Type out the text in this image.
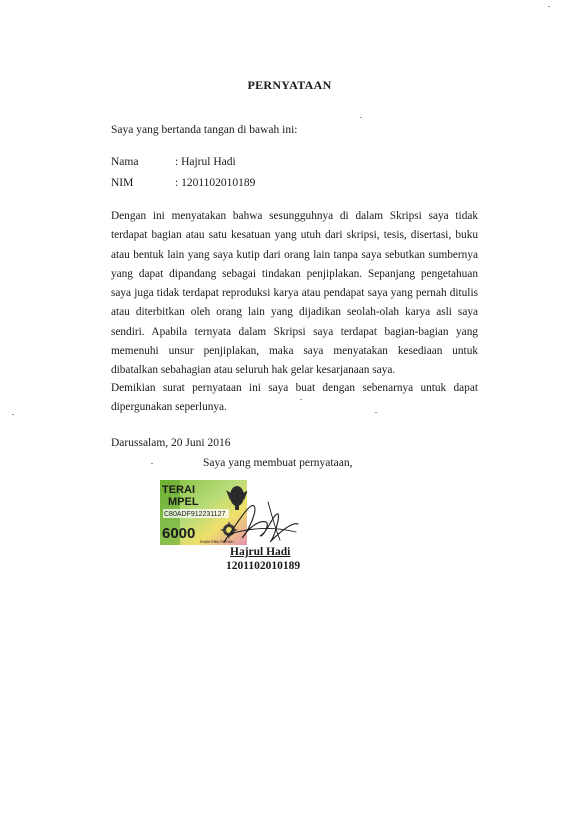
PERNYATAAN
Saya yang bertanda tangan di bawah ini:
Nama	: Hajrul Hadi
NIM	: 1201102010189
Dengan ini menyatakan bahwa sesungguhnya di dalam Skripsi saya tidak terdapat bagian atau satu kesatuan yang utuh dari skripsi, tesis, disertasi, buku atau bentuk lain yang saya kutip dari orang lain tanpa saya sebutkan sumbernya yang dapat dipandang sebagai tindakan penjiplakan. Sepanjang pengetahuan saya juga tidak terdapat reproduksi karya atau pendapat saya yang pernah ditulis atau diterbitkan oleh orang lain yang dijadikan seolah-olah karya asli saya sendiri. Apabila ternyata dalam Skripsi saya terdapat bagian-bagian yang memenuhi unsur penjiplakan, maka saya menyatakan kesediaan untuk dibatalkan sebahagian atau seluruh hak gelar kesarjanaan saya.
Demikian surat pernyataan ini saya buat dengan sebenarnya untuk dapat dipergunakan seperlunya.
Darussalam, 20 Juni 2016
Saya yang membuat pernyataan,
TERAI
MPEL
C80ADF912231127
6000 ENAM RIBU RUPIAH
Hajrul Hadi
1201102010189
